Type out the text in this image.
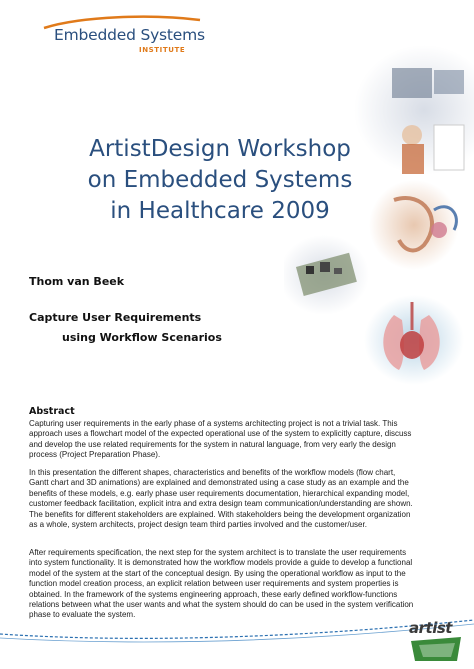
Embedded Systems
INSTITUTE
ArtistDesign Workshop
on Embedded Systems
in Healthcare 2009
Thom van Beek
Capture User Requirements
using Workflow Scenarios
Abstract
Capturing user requirements in the early phase of a systems architecting project is not a trivial task. This approach uses a flowchart model of the expected operational use of the system to explicitly capture, discuss and develop the use related requirements for the system in natural language, from very early the design process (Project Preparation Phase).
In this presentation the different shapes, characteristics and benefits of the workflow models (flow chart, Gantt chart and 3D animations) are explained and demonstrated using a case study as an example and the benefits of these models, e.g. early phase user requirements documentation, hierarchical expanding model, customer feedback facilitation, explicit intra and extra design team communication/understanding are shown. The benefits for different stakeholders are explained. With stakeholders being the development organization as a whole, system architects, project design team third parties involved and the customer/user.
After requirements specification, the next step for the system architect is to translate the user requirements into system functionality. It is demonstrated how the workflow models provide a guide to develop a functional model of the system at the start of the conceptual design. By using the operational workflow as input to the function model creation process, an explicit relation between user requirements and system properties is obtained. In the framework of the systems engineering approach, these early defined workflow-functions relations between what the user wants and what the system should do can be used in the system verification phase to evaluate the system.
artist
